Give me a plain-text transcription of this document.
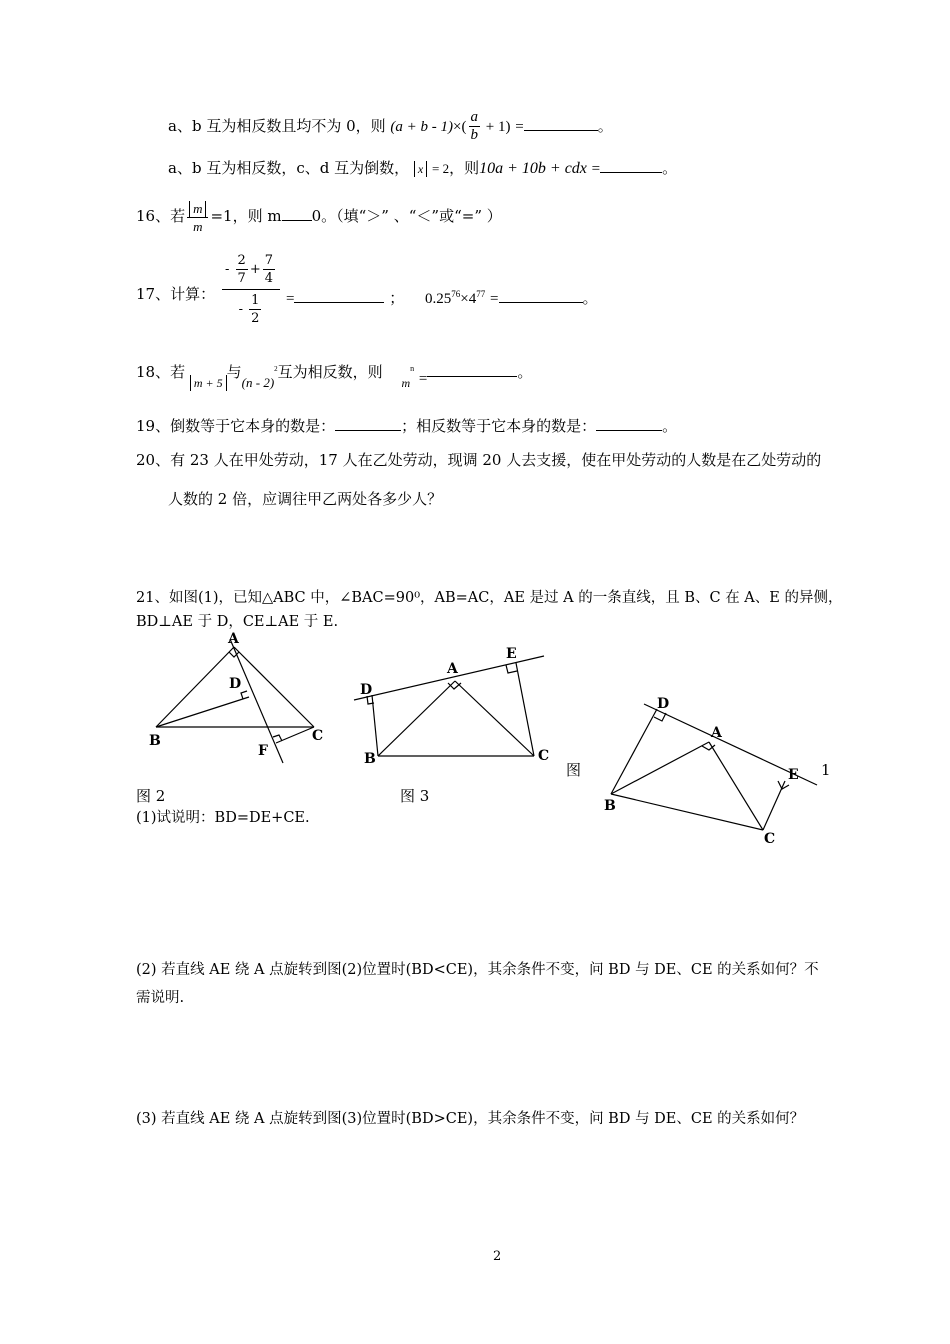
a、b 互为相反数且均不为 0，则 $(a + b - 1)\times( \frac{a}{b} + 1)$ =	。
a、b 互为相反数，c、d 互为倒数， x = 2，则10a + 10b + cdx =	。
16、若 $\frac{m}{m} =1$，则 m 0。（填“＞” 、“＜”或“=” ）
17、计算：
- $\frac{2}{7} + \frac{7}{4}$
- $\frac{1}{2}$ =	； $0.25^{76}\times 4^{77}$ =	。
18、若 m + 5与(n - 2)$^2$互为相反数，则 $_m^n$ =	。
19、倒数等于它本身的数是：	；相反数等于它本身的数是：	。
20、有 23 人在甲处劳动，17 人在乙处劳动，现调 20 人去支援，使在甲处劳动的人数是在乙处劳动的
人数的 2 倍，应调往甲乙两处各多少人？
21、如图(1)，已知△ABC 中，∠BAC=90⁰，AB=AC，AE 是过 A 的一条直线，且 B、C 在 A、E 的异侧，
BD⊥AE 于 D，CE⊥AE 于 E.
A
D
B	C
F
A
E
D
B	C
D
A
E
B
C
图 2	图 3
图	1
(1)试说明：BD=DE+CE.
(2) 若直线 AE 绕 A 点旋转到图(2)位置时(BD<CE)，其余条件不变，问 BD 与 DE、CE 的关系如何？不
需说明.
(3) 若直线 AE 绕 A 点旋转到图(3)位置时(BD>CE)，其余条件不变，问 BD 与 DE、CE 的关系如何？
2
